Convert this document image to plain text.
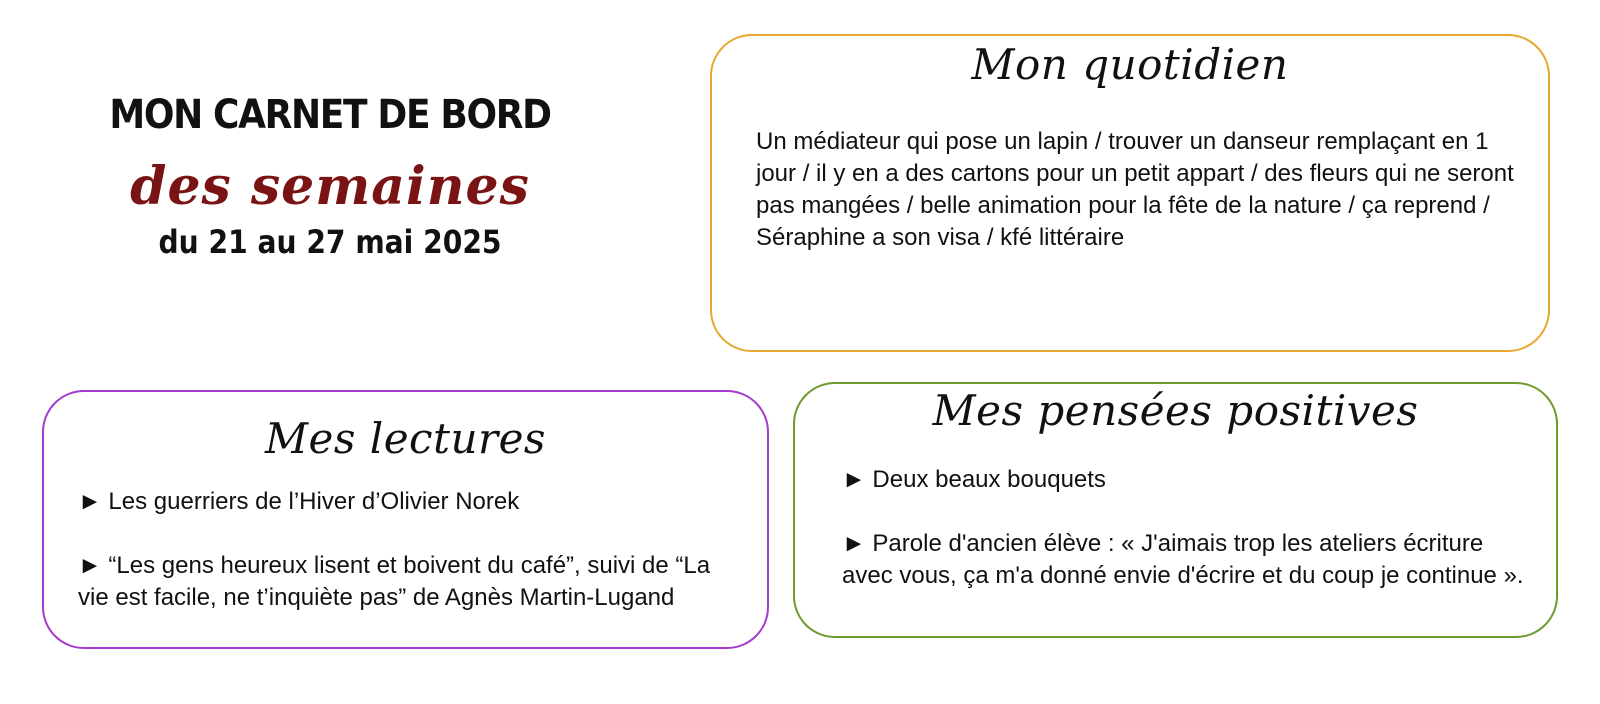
MON CARNET DE BORD
des semaines
du 21 au 27 mai 2025
Mon quotidien
Un médiateur qui pose un lapin / trouver un danseur remplaçant en 1 jour / il y en a des cartons pour un petit appart / des fleurs qui ne seront pas mangées / belle animation pour la fête de la nature / ça reprend / Séraphine a son visa / kfé littéraire
Mes lectures

► Les guerriers de l’Hiver d’Olivier Norek

► “Les gens heureux lisent et boivent du café”, suivi de “La vie est facile, ne t’inquiète pas” de Agnès Martin-Lugand

Mes pensées positives

► Deux beaux bouquets

► Parole d'ancien élève : « J'aimais trop les ateliers écriture avec vous, ça m'a donné envie d'écrire et du coup je continue ».
